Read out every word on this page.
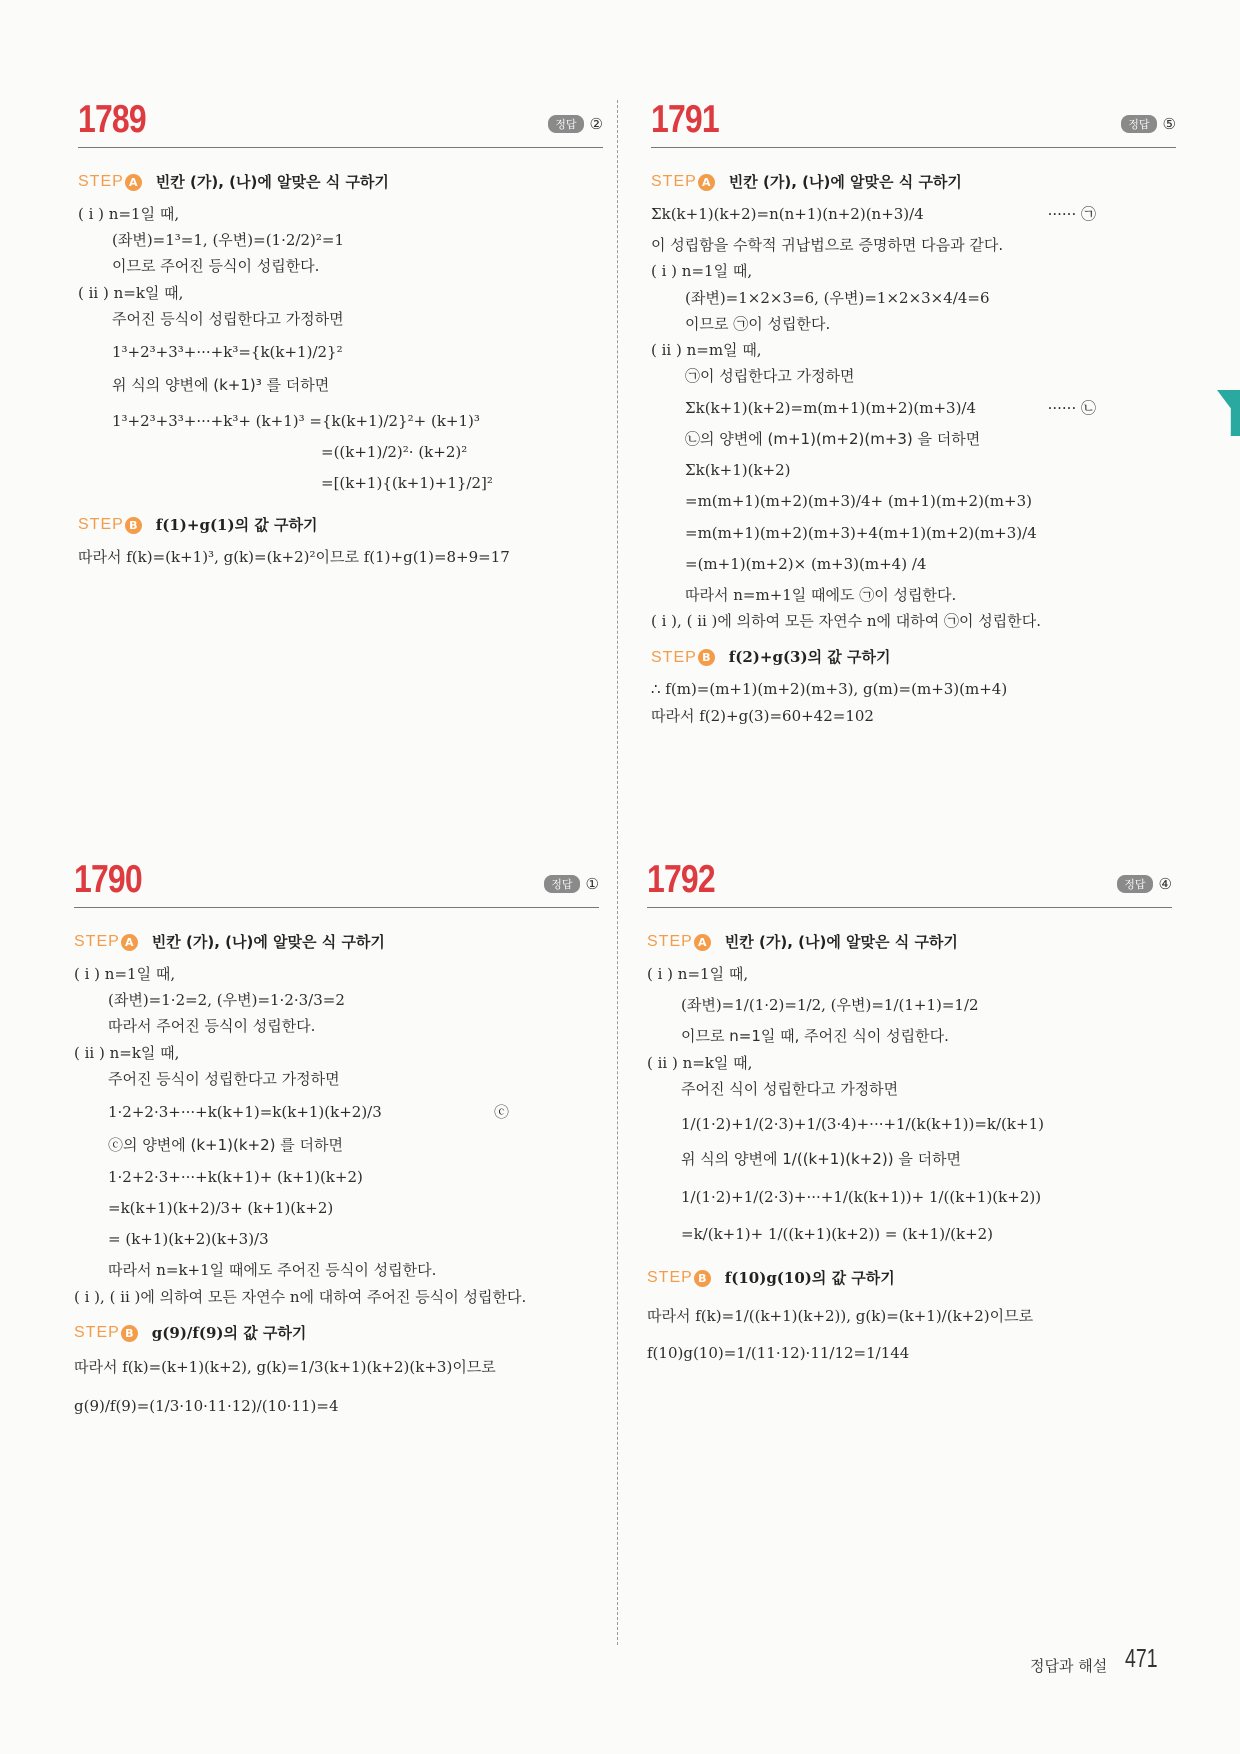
1789	정답 ②
STEP A 빈칸 (가), (나)에 알맞은 식 구하기
( i ) n=1일 때,
(좌변)=1³=1, (우변)=(1·2/2)²=1
이므로 주어진 등식이 성립한다.
( ii ) n=k일 때,
주어진 등식이 성립한다고 가정하면
1³+2³+3³+···+k³={k(k+1)/2}²
위 식의 양변에 (k+1)³ 를 더하면
1³+2³+3³+···+k³+ (k+1)³ ={k(k+1)/2}²+ (k+1)³
=((k+1)/2)²· (k+2)²
=[(k+1){(k+1)+1}/2]²
STEP B f(1)+g(1)의 값 구하기
따라서 f(k)=(k+1)³, g(k)=(k+2)²이므로 f(1)+g(1)=8+9=17
1791	정답 ⑤
STEP A 빈칸 (가), (나)에 알맞은 식 구하기
Σk(k+1)(k+2)=n(n+1)(n+2)(n+3)/4	······ ㉠
이 성립함을 수학적 귀납법으로 증명하면 다음과 같다.
( i ) n=1일 때,
(좌변)=1×2×3=6, (우변)=1×2×3×4/4=6
이므로 ㉠이 성립한다.
( ii ) n=m일 때,
㉠이 성립한다고 가정하면
Σk(k+1)(k+2)=m(m+1)(m+2)(m+3)/4	······ ㉡
㉡의 양변에 (m+1)(m+2)(m+3) 을 더하면
Σk(k+1)(k+2)
=m(m+1)(m+2)(m+3)/4+ (m+1)(m+2)(m+3)
=m(m+1)(m+2)(m+3)+4(m+1)(m+2)(m+3)/4
=(m+1)(m+2)× (m+3)(m+4) /4
따라서 n=m+1일 때에도 ㉠이 성립한다.
( i ), ( ii )에 의하여 모든 자연수 n에 대하여 ㉠이 성립한다.
STEP B f(2)+g(3)의 값 구하기
∴ f(m)=(m+1)(m+2)(m+3), g(m)=(m+3)(m+4)
따라서 f(2)+g(3)=60+42=102
1790	정답 ①
STEP A 빈칸 (가), (나)에 알맞은 식 구하기
( i ) n=1일 때,
(좌변)=1·2=2, (우변)=1·2·3/3=2
따라서 주어진 등식이 성립한다.
( ii ) n=k일 때,
주어진 등식이 성립한다고 가정하면
1·2+2·3+···+k(k+1)=k(k+1)(k+2)/3	ⓒ
ⓒ의 양변에 (k+1)(k+2) 를 더하면
1·2+2·3+···+k(k+1)+ (k+1)(k+2)
=k(k+1)(k+2)/3+ (k+1)(k+2)
= (k+1)(k+2)(k+3)/3
따라서 n=k+1일 때에도 주어진 등식이 성립한다.
( i ), ( ii )에 의하여 모든 자연수 n에 대하여 주어진 등식이 성립한다.
STEP B g(9)/f(9)의 값 구하기
따라서 f(k)=(k+1)(k+2), g(k)=1/3(k+1)(k+2)(k+3)이므로
g(9)/f(9)=(1/3·10·11·12)/(10·11)=4
1792	정답 ④
STEP A 빈칸 (가), (나)에 알맞은 식 구하기
( i ) n=1일 때,
(좌변)=1/(1·2)=1/2, (우변)=1/(1+1)=1/2
이므로 n=1일 때, 주어진 식이 성립한다.
( ii ) n=k일 때,
주어진 식이 성립한다고 가정하면
1/(1·2)+1/(2·3)+1/(3·4)+···+1/(k(k+1))=k/(k+1)
위 식의 양변에 1/((k+1)(k+2)) 을 더하면
1/(1·2)+1/(2·3)+···+1/(k(k+1))+ 1/((k+1)(k+2))
=k/(k+1)+ 1/((k+1)(k+2)) = (k+1)/(k+2)
STEP B f(10)g(10)의 값 구하기
따라서 f(k)=1/((k+1)(k+2)), g(k)=(k+1)/(k+2)이므로
f(10)g(10)=1/(11·12)·11/12=1/144
정답과 해설 471
